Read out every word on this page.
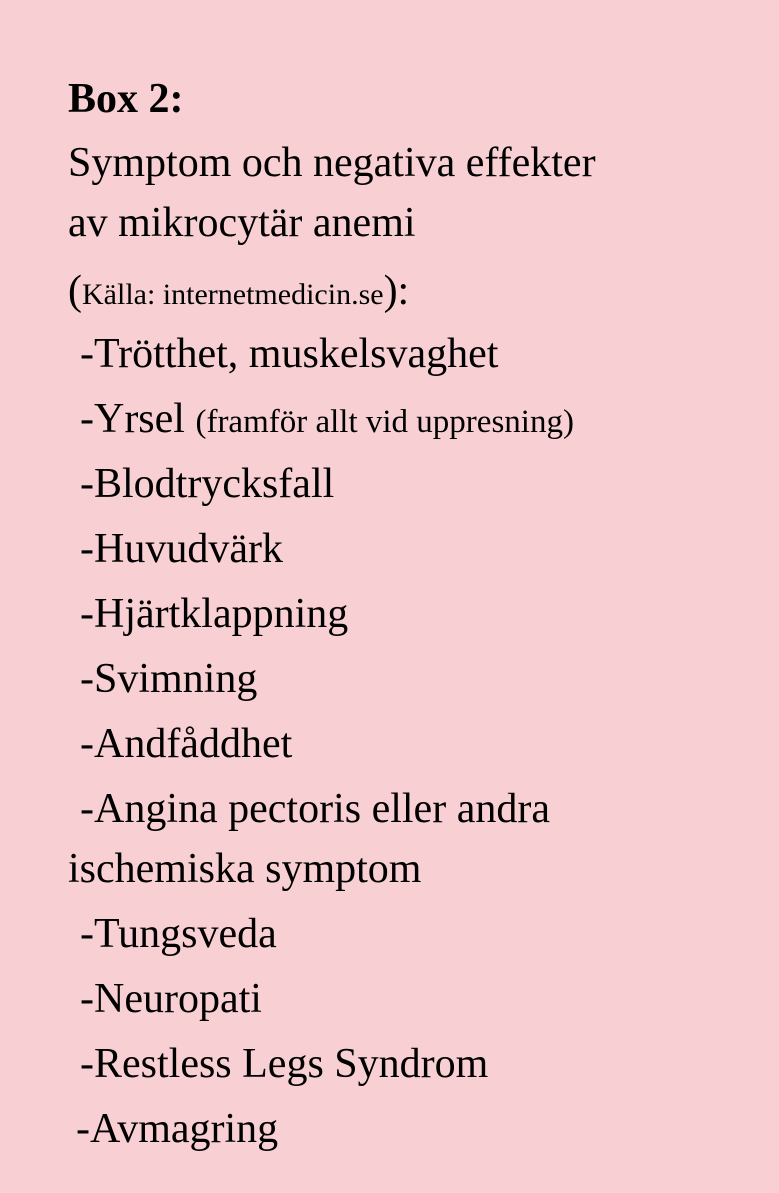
Box 2:

Symptom och negativa effekter

av mikrocytär anemi

(Källa: internetmedicin.se):

-Trötthet, muskelsvaghet

-Yrsel (framför allt vid uppresning)

-Blodtrycksfall

-Huvudvärk

-Hjärtklappning

-Svimning

-Andfåddhet

-Angina pectoris eller andra

ischemiska symptom

-Tungsveda

-Neuropati

-Restless Legs Syndrom

-Avmagring
